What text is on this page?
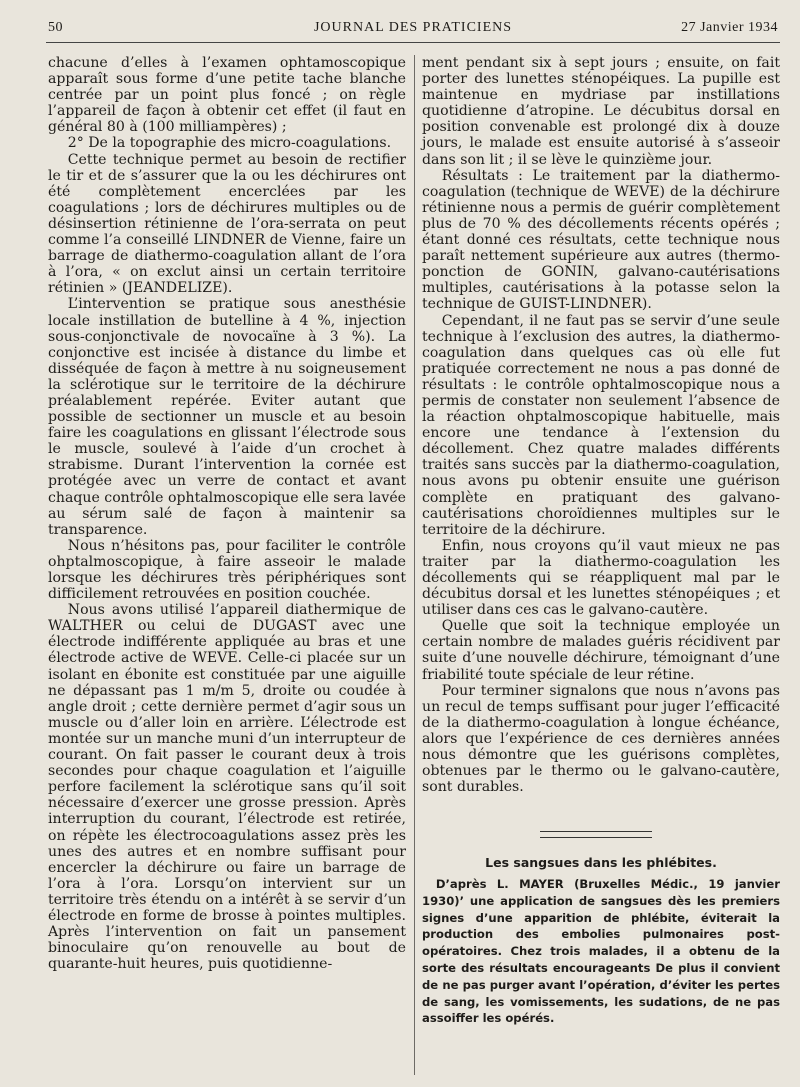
50	JOURNAL DES PRATICIENS	27 Janvier 1934

chacune d’elles à l’examen ophtamoscopique apparaît sous forme d’une petite tache blanche centrée par un point plus foncé ; on règle l’appareil de façon à obtenir cet effet (il faut en général 80 à (100 milliampères) ;

2° De la topographie des micro-coagulations.

Cette technique permet au besoin de rectifier le tir et de s’assurer que la ou les déchirures ont été complètement encerclées par les coagulations ; lors de déchirures multiples ou de désinsertion rétinienne de l’ora-serrata on peut comme l’a conseillé LINDNER de Vienne, faire un barrage de diathermo-coagulation allant de l’ora à l’ora, « on exclut ainsi un certain territoire rétinien » (JEANDELIZE).

L’intervention se pratique sous anesthésie locale instillation de butelline à 4 %, injection sous-conjonctivale de novocaïne à 3 %). La conjonctive est incisée à distance du limbe et disséquée de façon à mettre à nu soigneusement la sclérotique sur le territoire de la déchirure préalablement repérée. Eviter autant que possible de sectionner un muscle et au besoin faire les coagulations en glissant l’électrode sous le muscle, soulevé à l’aide d’un crochet à strabisme. Durant l’intervention la cornée est protégée avec un verre de contact et avant chaque contrôle ophtalmoscopique elle sera lavée au sérum salé de façon à maintenir sa transparence.

Nous n’hésitons pas, pour faciliter le contrôle ohptalmoscopique, à faire asseoir le malade lorsque les déchirures très périphériques sont difficilement retrouvées en position couchée.

Nous avons utilisé l’appareil diathermique de WALTHER ou celui de DUGAST avec une électrode indifférente appliquée au bras et une électrode active de WEVE. Celle-ci placée sur un isolant en ébonite est constituée par une aiguille ne dépassant pas 1 m/m 5, droite ou coudée à angle droit ; cette dernière permet d’agir sous un muscle ou d’aller loin en arrière. L’électrode est montée sur un manche muni d’un interrupteur de courant. On fait passer le courant deux à trois secondes pour chaque coagulation et l’aiguille perfore facilement la sclérotique sans qu’il soit nécessaire d’exercer une grosse pression. Après interruption du courant, l’électrode est retirée, on répète les électrocoagulations assez près les unes des autres et en nombre suffisant pour encercler la déchirure ou faire un barrage de l’ora à l’ora. Lorsqu’on intervient sur un territoire très étendu on a intérêt à se servir d’un électrode en forme de brosse à pointes multiples. Après l’intervention on fait un pansement binoculaire qu’on renouvelle au bout de quarante-huit heures, puis quotidienne-

ment pendant six à sept jours ; ensuite, on fait porter des lunettes sténopéiques. La pupille est maintenue en mydriase par instillations quotidienne d’atropine. Le décubitus dorsal en position convenable est prolongé dix à douze jours, le malade est ensuite autorisé à s’asseoir dans son lit ; il se lève le quinzième jour.

Résultats : Le traitement par la diathermo-coagulation (technique de WEVE) de la déchirure rétinienne nous a permis de guérir complètement plus de 70 % des décollements récents opérés ; étant donné ces résultats, cette technique nous paraît nettement supérieure aux autres (thermo-ponction de GONIN, galvano-cautérisations multiples, cautérisations à la potasse selon la technique de GUIST-LINDNER).

Cependant, il ne faut pas se servir d’une seule technique à l’exclusion des autres, la diathermo-coagulation dans quelques cas où elle fut pratiquée correctement ne nous a pas donné de résultats : le contrôle ophtalmoscopique nous a permis de constater non seulement l’absence de la réaction ohptalmoscopique habituelle, mais encore une tendance à l’extension du décollement. Chez quatre malades différents traités sans succès par la diathermo-coagulation, nous avons pu obtenir ensuite une guérison complète en pratiquant des galvano-cautérisations choroïdiennes multiples sur le territoire de la déchirure.

Enfin, nous croyons qu’il vaut mieux ne pas traiter par la diathermo-coagulation les décollements qui se réappliquent mal par le décubitus dorsal et les lunettes sténopéiques ; et utiliser dans ces cas le galvano-cautère.

Quelle que soit la technique employée un certain nombre de malades guéris récidivent par suite d’une nouvelle déchirure, témoignant d’une friabilité toute spéciale de leur rétine.

Pour terminer signalons que nous n’avons pas un recul de temps suffisant pour juger l’efficacité de la diathermo-coagulation à longue échéance, alors que l’expérience de ces dernières années nous démontre que les guérisons complètes, obtenues par le thermo ou le galvano-cautère, sont durables.

Les sangsues dans les phlébites.

D’après L. MAYER (Bruxelles Médic., 19 janvier 1930)’ une application de sangsues dès les premiers signes d’une apparition de phlébite, éviterait la production des embolies pulmonaires post-opératoires. Chez trois malades, il a obtenu de la sorte des résultats encourageants De plus il convient de ne pas purger avant l’opération, d’éviter les pertes de sang, les vomissements, les sudations, de ne pas assoiffer les opérés.
